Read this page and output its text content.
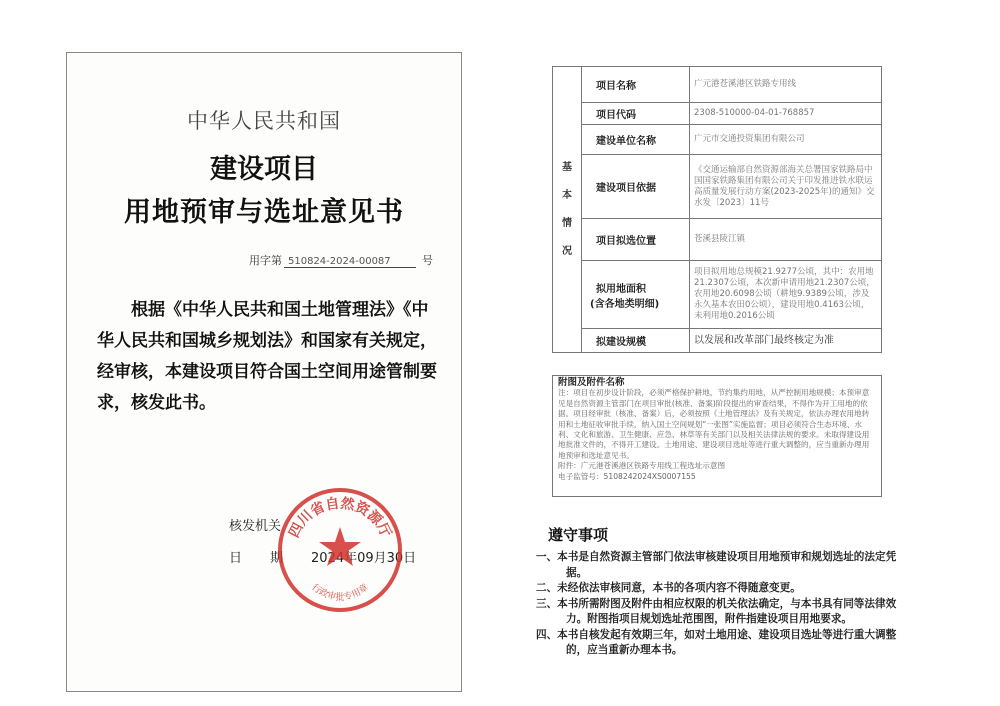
中华人民共和国
建设项目
用地预审与选址意见书
用字第 510824-2024-00087	号
根据《中华人民共和国土地管理法》《中华人民共和国城乡规划法》和国家有关规定，经审核，本建设项目符合国土空间用途管制要求，核发此书。
核发机关
日期2024年09月30日
四川省自然资源厅
行政审批专用章
基
本
情
况	项目名称	广元港苍溪港区铁路专用线
	项目代码	2308-510000-04-01-768857
	建设单位名称	广元市交通投资集团有限公司
	建设项目依据	《交通运输部自然资源部海关总署国家铁路局中国国家铁路集团有限公司关于印发推进铁水联运高质量发展行动方案(2023-2025年)的通知》交水发〔2023〕11号
	项目拟选位置	苍溪县陵江镇

	拟用地面积
(含各地类明细)	项目拟用地总规模21.9277公顷，其中：农用地21.2307公顷，本次新申请用地21.2307公顷，农用地20.6098公顷（耕地9.9389公顷，涉及永久基本农田0公顷），建设用地0.4163公顷，未利用地0.2016公顷
	拟建设规模	以发展和改革部门最终核定为准
附图及附件名称
注：项目在初步设计阶段，必须严格保护耕地，节约集约用地，从严控制用地规模；本预审意见是自然资源主管部门在项目审批(核准、备案)阶段提出的审查结果，不得作为开工用地的依据。项目经审批（核准、备案）后，必须按照《土地管理法》及有关规定，依法办理农用地转用和土地征收审批手续，纳入国土空间规划“一张图”实施监督；项目必须符合生态环境、水利、文化和旅游、卫生健康、应急、林草等有关部门以及相关法律法规的要求。未取得建设用地批准文件的，不得开工建设。土地用途、建设项目选址等进行重大调整的，应当重新办理用地预审和选址意见书。
附件：广元港苍溪港区铁路专用线工程选址示意图
电子监管号：5108242024XS0007155
遵守事项

一、本书是自然资源主管部门依法审核建设项目用地预审和规划选址的法定凭据。

二、未经依法审核同意，本书的各项内容不得随意变更。

三、本书所需附图及附件由相应权限的机关依法确定，与本书具有同等法律效力。附图指项目规划选址范围图，附件指建设项目用地要求。

四、本书自核发起有效期三年，如对土地用途、建设项目选址等进行重大调整的，应当重新办理本书。
